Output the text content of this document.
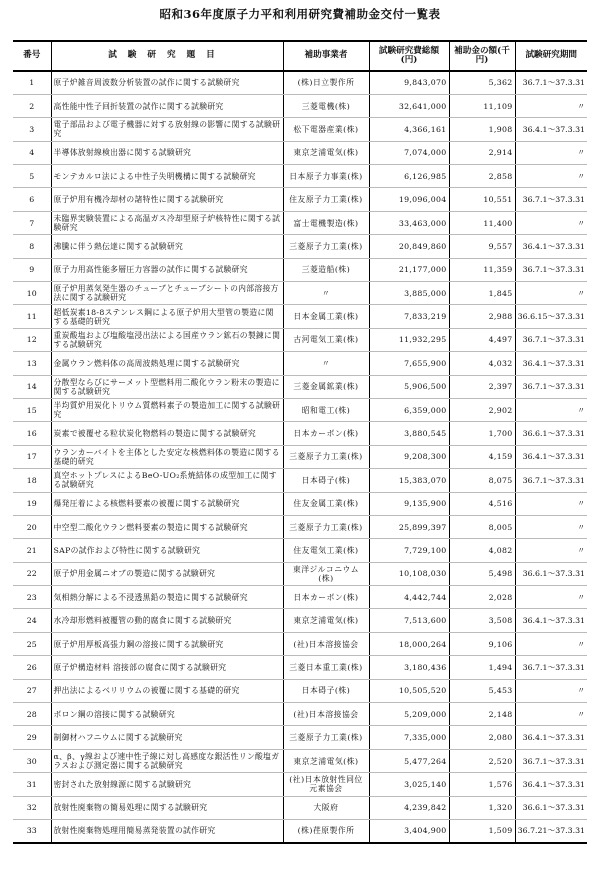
昭和36年度原子力平和利用研究費補助金交付一覧表
番号	試験研究題目	補助事業者	試験研究費総額(円)	補助金の額(千円)	試験研究期間
1	原子炉雑音周波数分析装置の試作に関する試験研究	(株)日立製作所	9,843,070	5,362	36.7.1～37.3.31
2	高性能中性子回折装置の試作に関する試験研究	三菱電機(株)	32,641,000	11,109	〃
3	電子部品および電子機器に対する放射線の影響に関する試験研究	松下電器産業(株)	4,366,161	1,908	36.4.1～37.3.31
4	半導体放射線検出器に関する試験研究	東京芝浦電気(株)	7,074,000	2,914	〃
5	モンテカルロ法による中性子失明機構に関する試験研究	日本原子力事業(株)	6,126,985	2,858	〃
6	原子炉用有機冷却材の諸特性に関する試験研究	住友原子力工業(株)	19,096,004	10,551	36.7.1～37.3.31
7	未臨界実験装置による高温ガス冷却型原子炉核特性に関する試験研究	富士電機製造(株)	33,463,000	11,400	〃
8	沸騰に伴う熱伝達に関する試験研究	三菱原子力工業(株)	20,849,860	9,557	36.4.1～37.3.31
9	原子力用高性能多層圧力容器の試作に関する試験研究	三菱造船(株)	21,177,000	11,359	36.7.1～37.3.31
10	原子炉用蒸気発生器のチューブとチューブシートの内部溶接方法に関する試験研究	〃	3,885,000	1,845	〃
11	超低炭素18-8ステンレス鋼による原子炉用大型管の製造に関する基礎的研究	日本金属工業(株)	7,833,219	2,988	36.6.15～37.3.31
12	重炭酸塩および塩酸塩浸出法による国産ウラン鉱石の製錬に関する試験研究	古河電気工業(株)	11,932,295	4,497	36.7.1～37.3.31
13	金属ウラン燃料体の高周波熱処理に関する試験研究	〃	7,655,900	4,032	36.4.1～37.3.31
14	分散型ならびにサーメット型燃料用二酸化ウラン粉末の製造に関する試験研究	三菱金属鉱業(株)	5,906,500	2,397	36.7.1～37.3.31
15	半均質炉用炭化トリウム質燃料素子の製造加工に関する試験研究	昭和電工(株)	6,359,000	2,902	〃
16	炭素で被覆せる粒状炭化物燃料の製造に関する試験研究	日本カーボン(株)	3,880,545	1,700	36.6.1～37.3.31
17	ウランカーバイトを主体とした安定な核燃料体の製造に関する基礎的研究	三菱原子力工業(株)	9,208,300	4,159	36.4.1～37.3.31
18	真空ホットプレスによるBeO-UO₂系焼結体の成型加工に関する試験研究	日本碍子(株)	15,383,070	8,075	36.7.1～37.3.31
19	爆発圧着による核燃料要素の被覆に関する試験研究	住友金属工業(株)	9,135,900	4,516	〃
20	中空型二酸化ウラン燃料要素の製造に関する試験研究	三菱原子力工業(株)	25,899,397	8,005	〃
21	SAPの試作および特性に関する試験研究	住友電気工業(株)	7,729,100	4,082	〃
22	原子炉用金属ニオブの製造に関する試験研究	東洋ジルコニウム(株)	10,108,030	5,498	36.6.1～37.3.31
23	気相熱分解による不浸透黒鉛の製造に関する試験研究	日本カーボン(株)	4,442,744	2,028	〃
24	水冷却形燃料被覆管の動的腐食に関する試験研究	東京芝浦電気(株)	7,513,600	3,508	36.4.1～37.3.31
25	原子炉用厚板高張力鋼の溶接に関する試験研究	(社)日本溶接協会	18,000,264	9,106	〃
26	原子炉構造材料 溶接部の腐食に関する試験研究	三菱日本重工業(株)	3,180,436	1,494	36.7.1～37.3.31
27	押出法によるベリリウムの被覆に関する基礎的研究	日本碍子(株)	10,505,520	5,453	〃
28	ボロン鋼の溶接に関する試験研究	(社)日本溶接協会	5,209,000	2,148	〃
29	制御材ハフニウムに関する試験研究	三菱原子力工業(株)	7,335,000	2,080	36.4.1～37.3.31
30	α、β、γ線および速中性子線に対し高感度な銀活性リン酸塩ガラスおよび測定器に関する試験研究	東京芝浦電気(株)	5,477,264	2,520	36.7.1～37.3.31
31	密封された放射線源に関する試験研究	(社)日本放射性同位元素協会	3,025,140	1,576	36.4.1～37.3.31
32	放射性廃棄物の簡易処理に関する試験研究	大阪府	4,239,842	1,320	36.6.1～37.3.31
33	放射性廃棄物処理用簡易蒸発装置の試作研究	(株)荏原製作所	3,404,900	1,509	36.7.21～37.3.31
